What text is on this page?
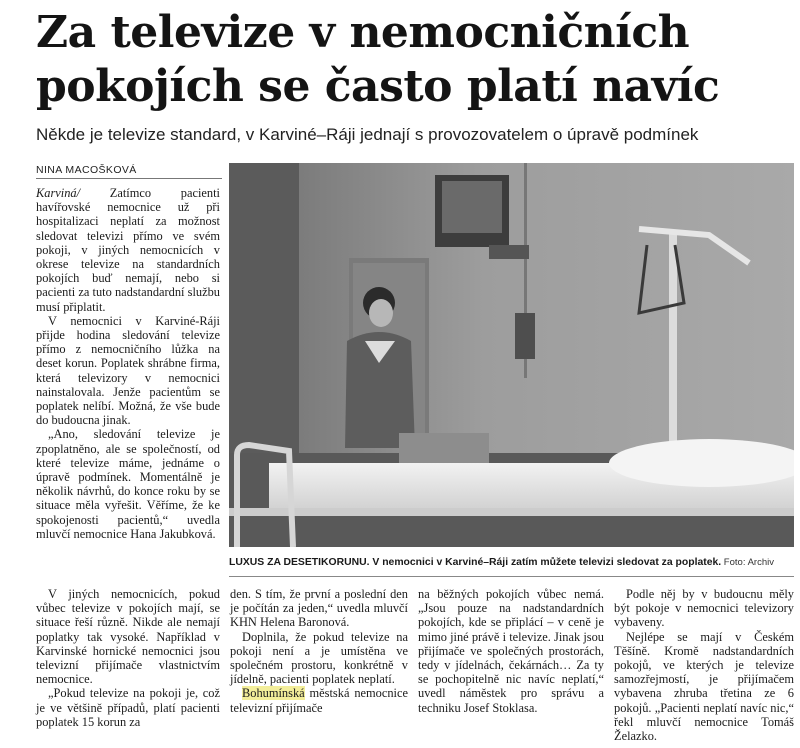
Za televize v nemocničních pokojích se často platí navíc
Někde je televize standard, v Karviné–Ráji jednají s provozovatelem o úpravě podmínek
NINA MACOŠKOVÁ

Karviná/ Zatímco pacienti havířovské nemocnice už při hospitalizaci neplatí za možnost sledovat televizi přímo ve svém pokoji, v jiných nemocnicích v okrese televize na standardních pokojích buď nemají, nebo si pacienti za tuto nadstandardní službu musí připlatit.

V nemocnici v Karviné-Ráji přijde hodina sledování televize přímo z nemocničního lůžka na deset korun. Poplatek shrábne firma, která televizory v nemocnici nainstalovala. Jenže pacientům se poplatek nelíbí. Možná, že vše bude do budoucna jinak.

„Ano, sledování televize je zpoplatněno, ale se společností, od které televize máme, jednáme o úpravě podmínek. Momentálně je několik návrhů, do konce roku by se situace měla vyřešit. Věříme, že ke spokojenosti pacientů,“ uvedla mluvčí nemocnice Hana Jakubková.

LUXUS ZA DESETIKORUNU. V nemocnici v Karviné–Ráji zatím můžete televizi sledovat za poplatek. Foto: Archiv

V jiných nemocnicích, pokud vůbec televize v pokojích mají, se situace řeší různě. Nikde ale nemají poplatky tak vysoké. Například v Karvinské hornické nemocnici jsou televizní přijímače vlastnictvím nemocnice.

„Pokud televize na pokoji je, což je ve většině případů, platí pacienti poplatek 15 korun za

den. S tím, že první a poslední den je počítán za jeden,“ uvedla mluvčí KHN Helena Baronová.

Doplnila, že pokud televize na pokoji není a je umístěna ve společném prostoru, konkrétně v jídelně, pacienti poplatek neplatí.

Bohumínská městská nemocnice televizní přijímače

na běžných pokojích vůbec nemá. „Jsou pouze na nadstandardních pokojích, kde se připlácí – v ceně je mimo jiné právě i televize. Jinak jsou přijímače ve společných prostorách, tedy v jídelnách, čekárnách… Za ty se pochopitelně nic navíc neplatí,“ uvedl náměstek pro správu a techniku Josef Stoklasa.

Podle něj by v budoucnu měly být pokoje v nemocnici televizory vybaveny.

Nejlépe se mají v Českém Těšíně. Kromě nadstandardních pokojů, ve kterých je televize samozřejmostí, je přijímačem vybavena zhruba třetina ze 6 pokojů. „Pacienti neplatí navíc nic,“ řekl mluvčí nemocnice Tomáš Želazko.
